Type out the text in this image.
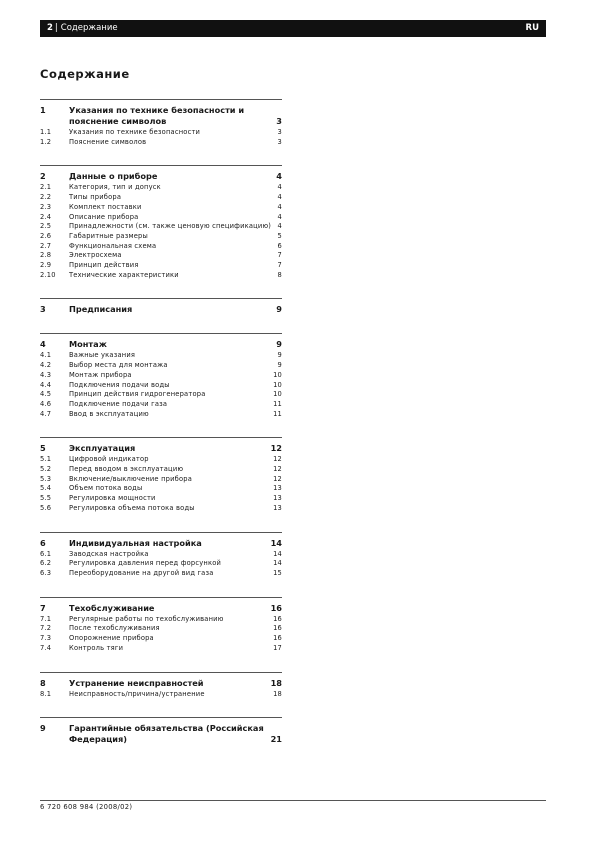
2 | Содержание	RU
Содержание
1	Указания по технике безопасности и пояснение символов	3
1.1	Указания по технике безопасности	3
1.2	Пояснение символов	3
2	Данные о приборе	4
2.1	Категория, тип и допуск	4
2.2	Типы прибора	4
2.3	Комплект поставки	4
2.4	Описание прибора	4
2.5	Принадлежности (см. также ценовую спецификацию) 4
2.6	Габаритные размеры	5
2.7	Функциональная схема	6
2.8	Электросхема	7
2.9	Принцип действия	7
2.10	Технические характеристики	8
3	Предписания	9
4	Монтаж	9
4.1	Важные указания	9
4.2	Выбор места для монтажа	9
4.3	Монтаж прибора	10
4.4	Подключения подачи воды	10
4.5	Принцип действия гидрогенератора	10
4.6	Подключение подачи газа	11
4.7	Ввод в эксплуатацию	11
5	Эксплуатация	12
5.1	Цифровой индикатор	12
5.2	Перед вводом в эксплуатацию	12
5.3	Включение/выключение прибора	12
5.4	Объем потока воды	13
5.5	Регулировка мощности	13
5.6	Регулировка объема потока воды	13
6	Индивидуальная настройка	14
6.1	Заводская настройка	14
6.2	Регулировка давления перед форсункой	14
6.3	Переоборудование на другой вид газа	15
7	Техобслуживание	16
7.1	Регулярные работы по техобслуживанию	16
7.2	После техобслуживания	16
7.3	Опорожнение прибора	16
7.4	Контроль тяги	17
8	Устранение неисправностей	18
8.1	Неисправность/причина/устранение	18
9	Гарантийные обязательства (Российская Федерация)	21
6 720 608 984 (2008/02)
